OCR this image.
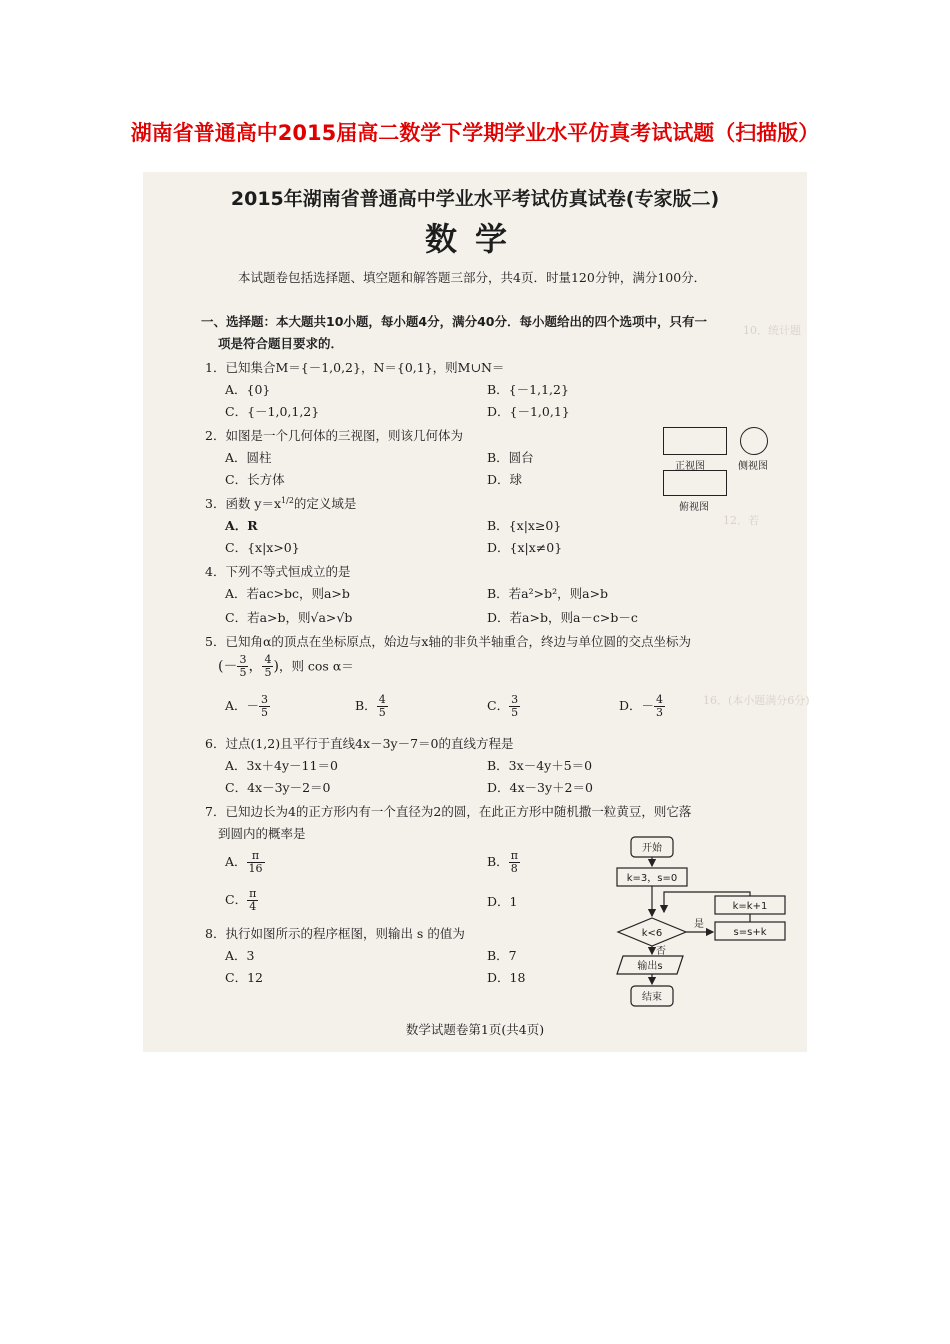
湖南省普通高中2015届高二数学下学期学业水平仿真考试试题（扫描版）
10．统计题
12．若
16．(本小题满分6分)
2015年湖南省普通高中学业水平考试仿真试卷(专家版二)
数学
本试题卷包括选择题、填空题和解答题三部分，共4页．时量120分钟，满分100分．
一、选择题：本大题共10小题，每小题4分，满分40分．每小题给出的四个选项中，只有一
项是符合题目要求的．
1．已知集合M＝{－1,0,2}，N＝{0,1}，则M∪N＝
A．{0}	B．{－1,1,2}
C．{－1,0,1,2}	D．{－1,0,1}
2．如图是一个几何体的三视图，则该几何体为
A．圆柱	B．圆台
C．长方体	D．球
正视图	侧视图
俯视图
3．函数 $y=x^{1/2}$的定义域是
A．R	B．{x|x≥0}
C．{x|x>0}	D．{x|x≠0}
4．下列不等式恒成立的是
A．若ac>bc，则a>b	B．若a²>b²，则a>b
C．若a>b，则√a>√b	D．若a>b，则a－c>b－c
5．已知角α的顶点在坐标原点，始边与x轴的非负半轴重合，终边与单位圆的交点坐标为
(－ $\frac{3}{5}$ ， $\frac{4}{5}$ )，则 cos α＝
A．－ $\frac{3}{5}$	B． $\frac{4}{5}$	C． $\frac{3}{5}$	D．－ $\frac{4}{3}$
6．过点(1,2)且平行于直线4x－3y－7＝0的直线方程是
A．3x＋4y－11＝0	B．3x－4y＋5＝0
C．4x－3y－2＝0	D．4x－3y＋2＝0
7．已知边长为4的正方形内有一个直径为2的圆，在此正方形中随机撒一粒黄豆，则它落
到圆内的概率是
A． $\frac{\pi}{16}$	B． $\frac{\pi}{8}$
C． $\frac{\pi}{4}$	D．1
8．执行如图所示的程序框图，则输出 s 的值为
A．3	B．7
C．12	D．18
开始
k=3，s=0
k=k+1
k<6	s=s+k
是
否
输出s
结束
数学试题卷第1页(共4页)
